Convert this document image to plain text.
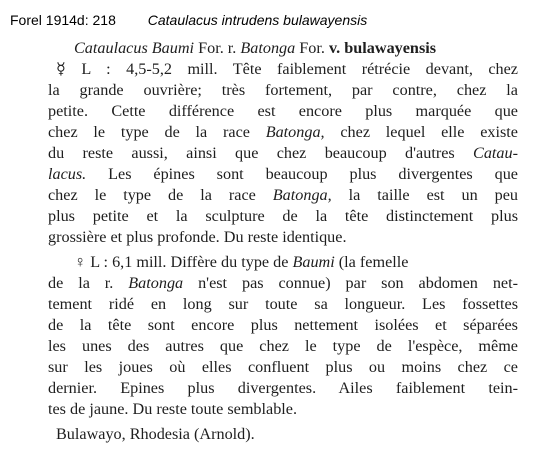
Forel 1914d: 218 Cataulacus intrudens bulawayensis
Cataulacus Baumi For. r. Batonga For. v. bulawayensis
☿ L : 4,5-5,2 mill. Tête faiblement rétrécie devant, chez
la grande ouvrière; très fortement, par contre, chez la
petite. Cette différence est encore plus marquée que
chez le type de la race Batonga, chez lequel elle existe
du reste aussi, ainsi que chez beaucoup d'autres Catau-
lacus. Les épines sont beaucoup plus divergentes que
chez le type de la race Batonga, la taille est un peu
plus petite et la sculpture de la tête distinctement plus
grossière et plus profonde. Du reste identique.
♀ L : 6,1 mill. Diffère du type de Baumi (la femelle
de la r. Batonga n'est pas connue) par son abdomen net-
tement ridé en long sur toute sa longueur. Les fossettes
de la tête sont encore plus nettement isolées et séparées
les unes des autres que chez le type de l'espèce, même
sur les joues où elles confluent plus ou moins chez ce
dernier. Epines plus divergentes. Ailes faiblement tein-
tes de jaune. Du reste toute semblable.
Bulawayo, Rhodesia (Arnold).
